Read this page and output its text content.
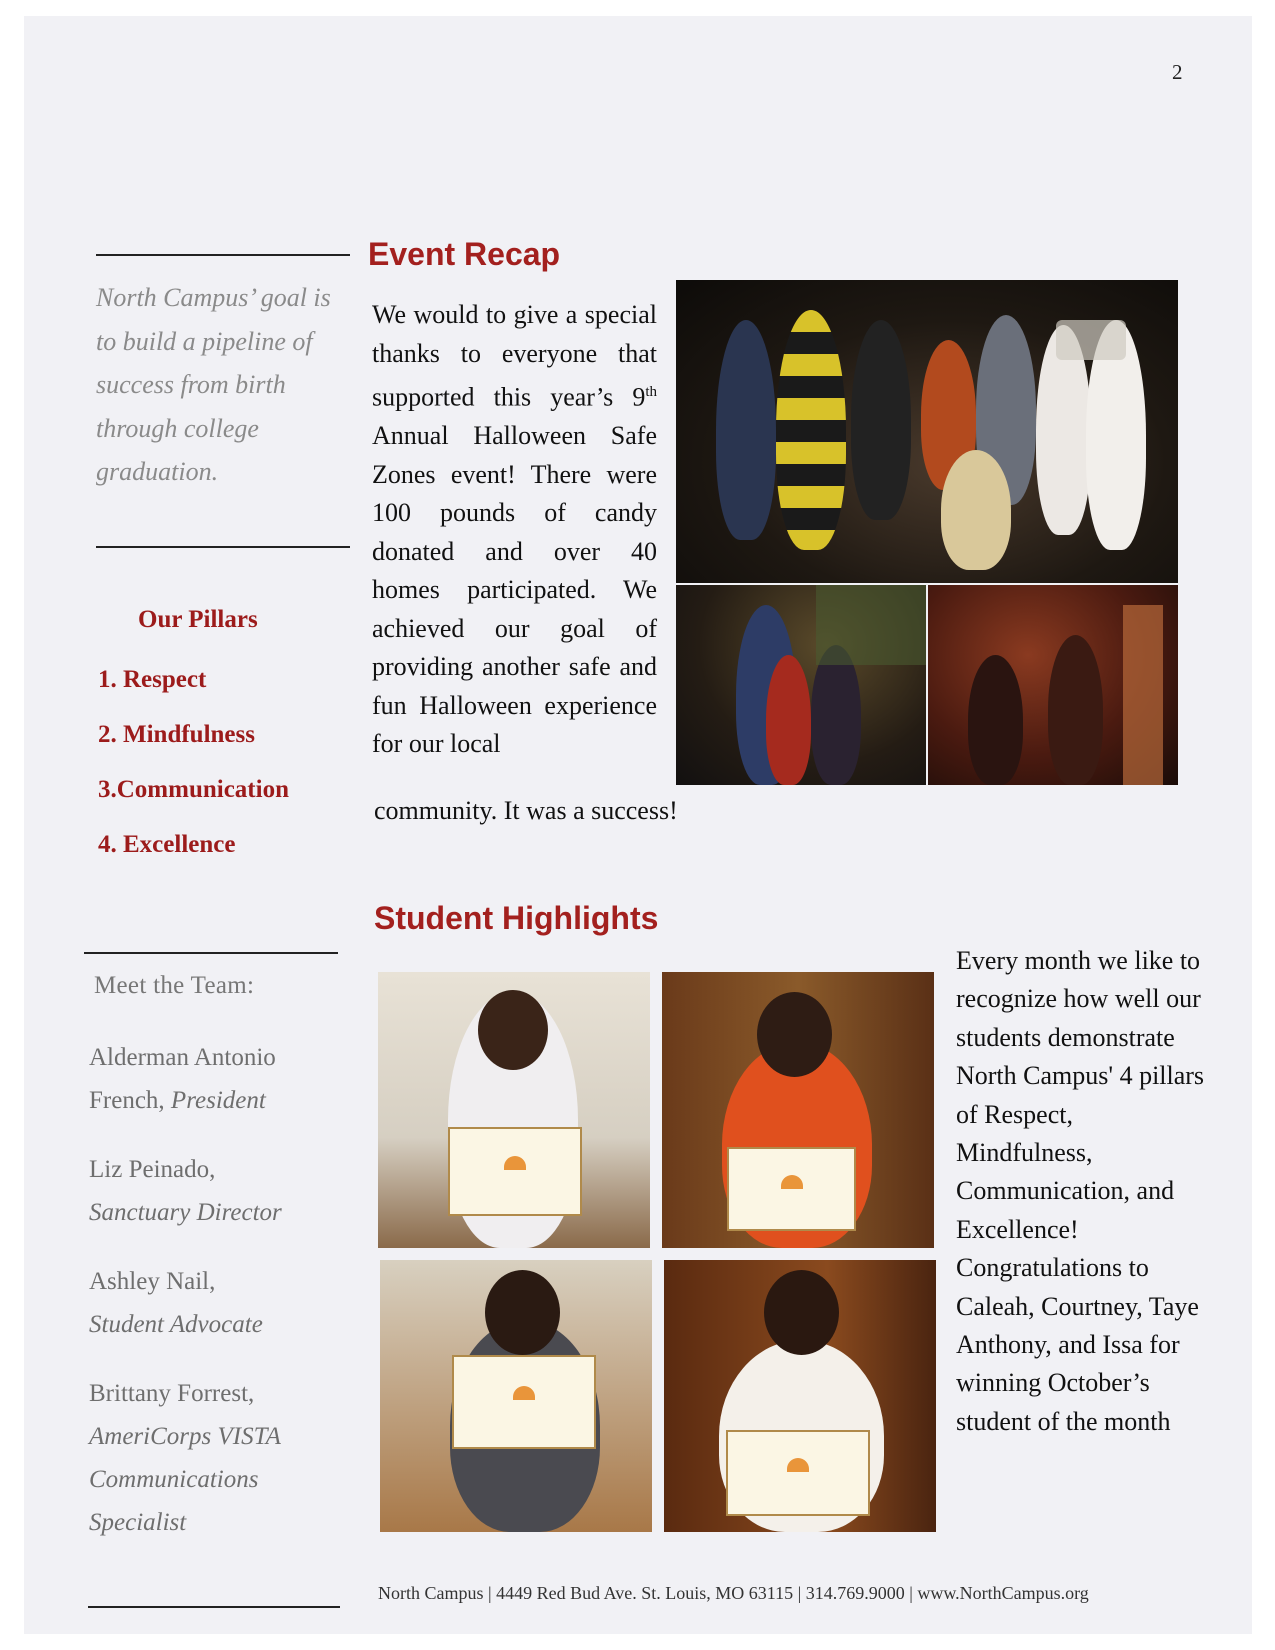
2
North Campus’ goal is to build a pipeline of success from birth through college graduation.
Our Pillars
1. Respect
2. Mindfulness
3.Communication
4. Excellence
Meet the Team:
Alderman Antonio French, President
Liz Peinado,
Sanctuary Director
Ashley Nail,
Student Advocate
Brittany Forrest,
AmeriCorps VISTA Communications Specialist
Event Recap
We would to give a special thanks to everyone that supported this year’s 9th Annual Halloween Safe Zones event! There were 100 pounds of candy donated and over 40 homes participated. We achieved our goal of providing another safe and fun Halloween experience for our local
community. It was a success!
Student Highlights
Every month we like to recognize how well our students demonstrate North Campus' 4 pillars of Respect, Mindfulness, Communication, and Excellence! Congratulations to Caleah, Courtney, Taye Anthony, and Issa for winning October’s student of the month
North Campus | 4449 Red Bud Ave. St. Louis, MO 63115 | 314.769.9000 | www.NorthCampus.org
